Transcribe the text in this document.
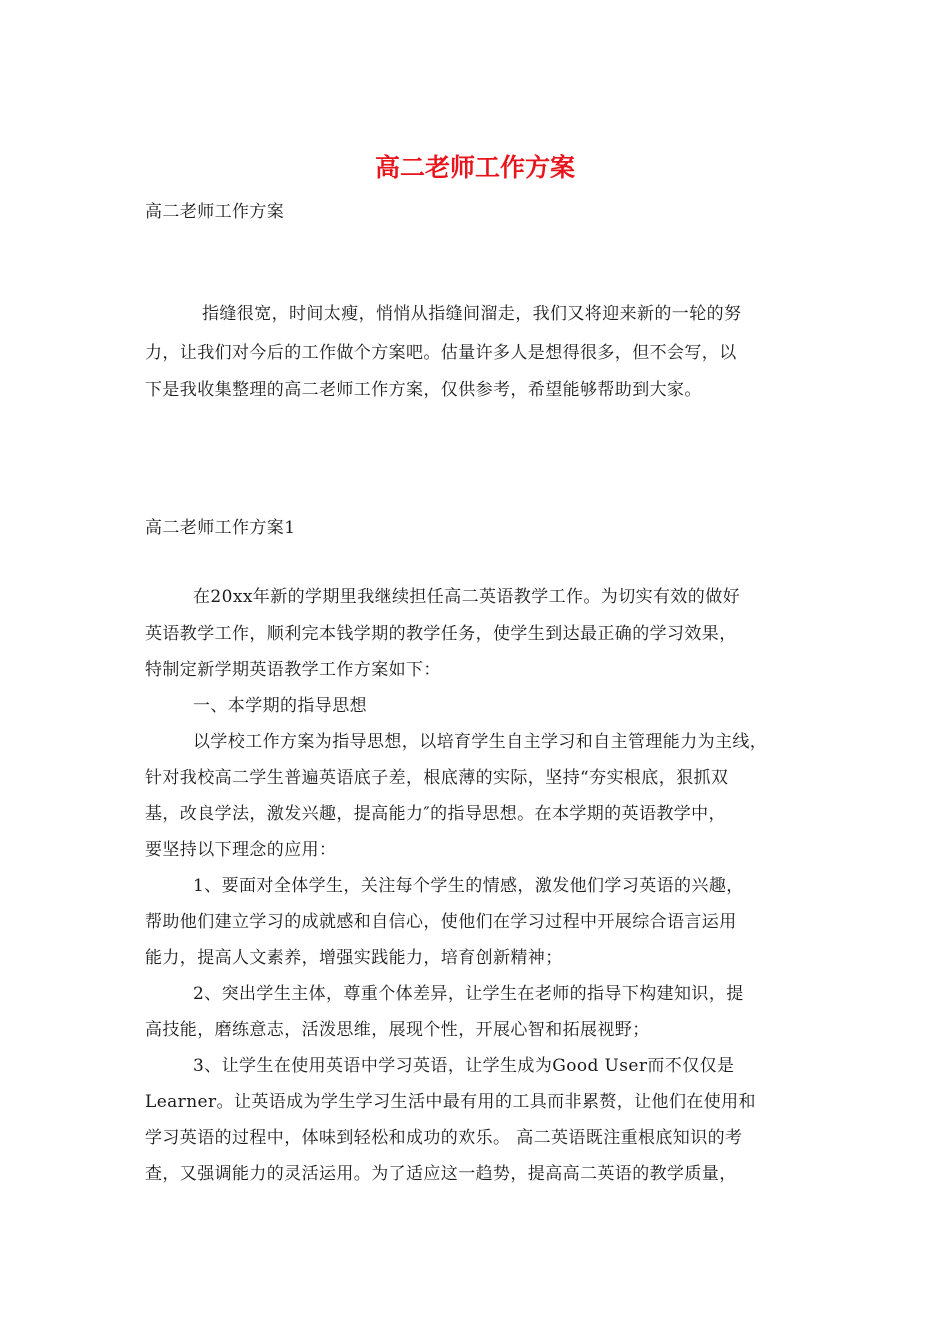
高二老师工作方案
高二老师工作方案
指缝很宽，时间太瘦，悄悄从指缝间溜走，我们又将迎来新的一轮的努
力，让我们对今后的工作做个方案吧。估量许多人是想得很多，但不会写，以
下是我收集整理的高二老师工作方案，仅供参考，希望能够帮助到大家。
高二老师工作方案1
在20xx年新的学期里我继续担任高二英语教学工作。为切实有效的做好
英语教学工作，顺利完本钱学期的教学任务，使学生到达最正确的学习效果，
特制定新学期英语教学工作方案如下：
一、本学期的指导思想
以学校工作方案为指导思想，以培育学生自主学习和自主管理能力为主线，
针对我校高二学生普遍英语底子差，根底薄的实际，坚持“夯实根底，狠抓双
基，改良学法，激发兴趣，提高能力″的指导思想。在本学期的英语教学中，
要坚持以下理念的应用：
1、要面对全体学生，关注每个学生的情感，激发他们学习英语的兴趣，
帮助他们建立学习的成就感和自信心，使他们在学习过程中开展综合语言运用
能力，提高人文素养，增强实践能力，培育创新精神；
2、突出学生主体，尊重个体差异，让学生在老师的指导下构建知识，提
高技能，磨练意志，活泼思维，展现个性，开展心智和拓展视野；
3、让学生在使用英语中学习英语，让学生成为Good User而不仅仅是
Learner。让英语成为学生学习生活中最有用的工具而非累赘，让他们在使用和
学习英语的过程中，体味到轻松和成功的欢乐。 高二英语既注重根底知识的考
查，又强调能力的灵活运用。为了适应这一趋势，提高高二英语的教学质量，
